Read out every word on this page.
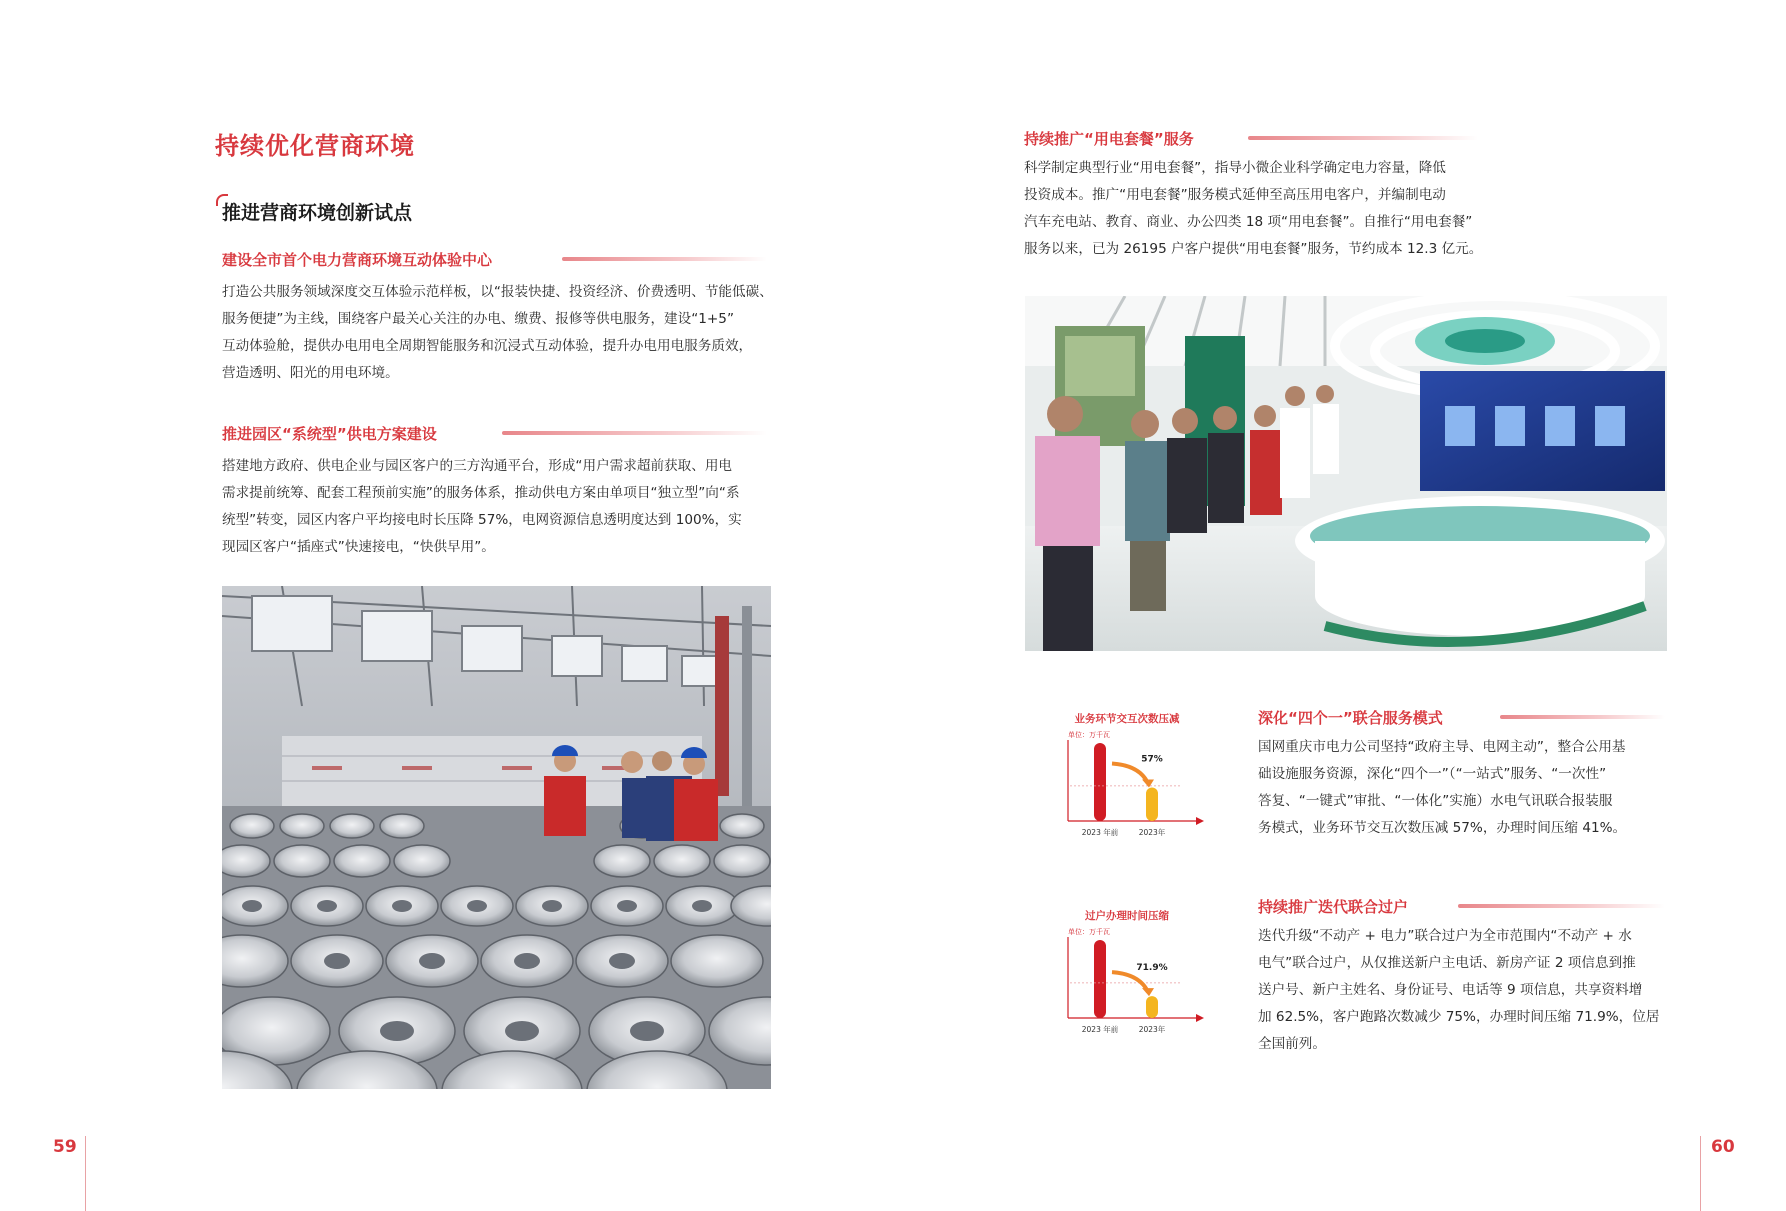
持续优化营商环境
推进营商环境创新试点
建设全市首个电力营商环境互动体验中心
打造公共服务领域深度交互体验示范样板，以“报装快捷、投资经济、价费透明、节能低碳、
服务便捷”为主线，围绕客户最关心关注的办电、缴费、报修等供电服务，建设“1+5”
互动体验舱，提供办电用电全周期智能服务和沉浸式互动体验，提升办电用电服务质效，
营造透明、阳光的用电环境。
推进园区“系统型”供电方案建设
搭建地方政府、供电企业与园区客户的三方沟通平台，形成“用户需求超前获取、用电
需求提前统筹、配套工程预前实施”的服务体系，推动供电方案由单项目“独立型”向“系
统型”转变，园区内客户平均接电时长压降 57%，电网资源信息透明度达到 100%，实
现园区客户“插座式”快速接电，“快供早用”。
59
持续推广“用电套餐”服务
科学制定典型行业“用电套餐”，指导小微企业科学确定电力容量，降低
投资成本。推广“用电套餐”服务模式延伸至高压用电客户，并编制电动
汽车充电站、教育、商业、办公四类 18 项“用电套餐”。自推行“用电套餐”
服务以来，已为 26195 户客户提供“用电套餐”服务，节约成本 12.3 亿元。
业务环节交互次数压减
单位：万千瓦
2023 年前	2023年
57%
深化“四个一”联合服务模式
国网重庆市电力公司坚持“政府主导、电网主动”，整合公用基
础设施服务资源，深化“四个一”（“一站式”服务、“一次性”
答复、“一键式”审批、“一体化”实施）水电气讯联合报装服
务模式，业务环节交互次数压减 57%，办理时间压缩 41%。
过户办理时间压缩
单位：万千瓦
2023 年前	2023年
71.9%
持续推广迭代联合过户
迭代升级“不动产 + 电力”联合过户为全市范围内“不动产 + 水
电气”联合过户，从仅推送新户主电话、新房产证 2 项信息到推
送户号、新户主姓名、身份证号、电话等 9 项信息，共享资料增
加 62.5%，客户跑路次数减少 75%，办理时间压缩 71.9%，位居
全国前列。
60
